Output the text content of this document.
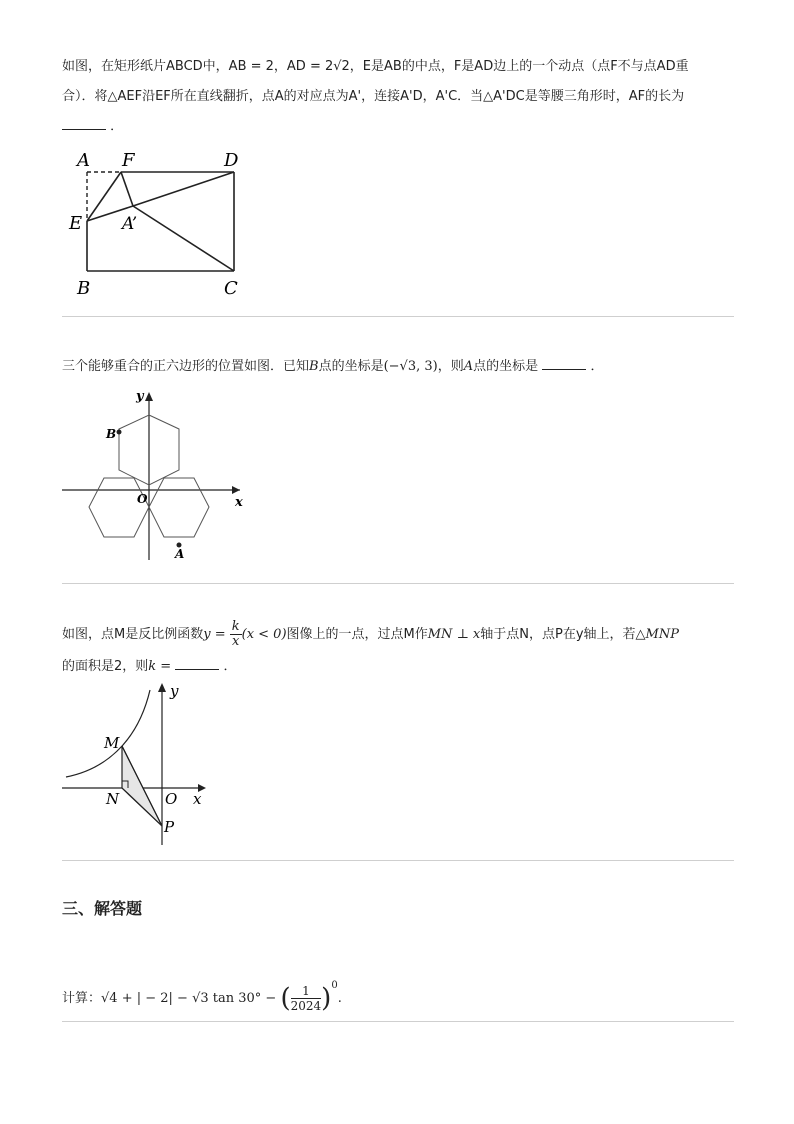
如图，在矩形纸片ABCD中，AB = 2，AD = 2√2，E是AB的中点，F是AD边上的一个动点（点F不与点AD重
合）．将△AEF沿EF所在直线翻折，点A的对应点为A'，连接A'D，A'C．当△A'DC是等腰三角形时，AF的长为
．
A F	D
E A’
B	C
三个能够重合的正六边形的位置如图．已知B点的坐标是(−√3, 3)，则A点的坐标是	．
y
x
O
B
A
如图，点M是反比例函数$y = \frac{k}{x} (x < 0)$图像上的一点，过点M作MN ⊥ x轴于点N，点P在y轴上，若△MNP
的面积是2，则k =	．
y
M
N	O x
P
三、解答题
计算：√4 + | − 2| − √3 tan 30° − ( $\frac{1}{2024} )^0$.
